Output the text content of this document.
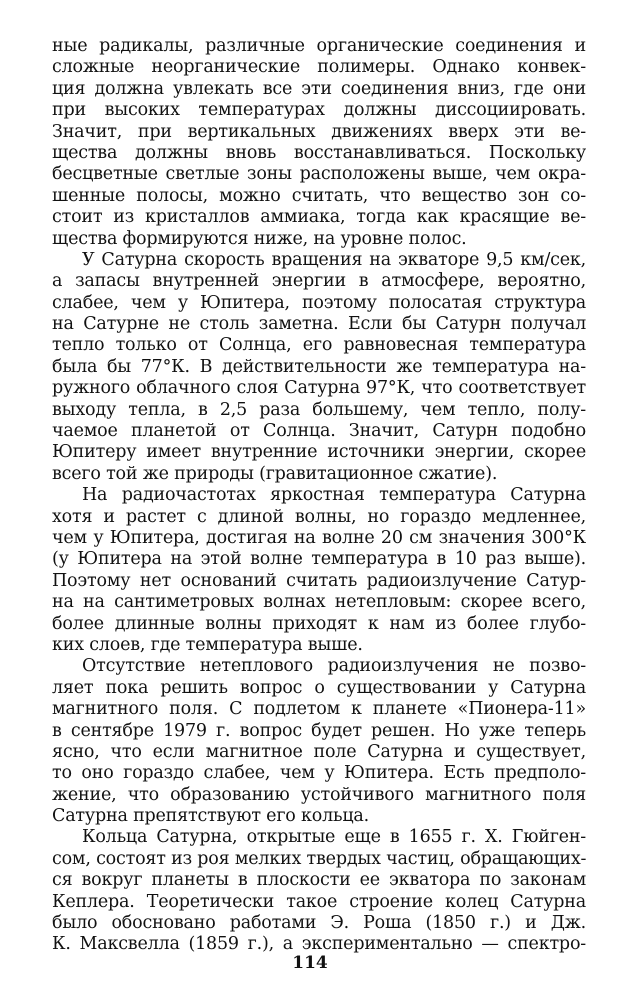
ные радикалы, различные органические соединения и
сложные неорганические полимеры. Однако конвек-
ция должна увлекать все эти соединения вниз, где они
при высоких температурах должны диссоциировать.
Значит, при вертикальных движениях вверх эти ве-
щества должны вновь восстанавливаться. Поскольку
бесцветные светлые зоны расположены выше, чем окра-
шенные полосы, можно считать, что вещество зон со-
стоит из кристаллов аммиака, тогда как красящие ве-
щества формируются ниже, на уровне полос.
У Сатурна скорость вращения на экваторе 9,5 км/сек,
а запасы внутренней энергии в атмосфере, вероятно,
слабее, чем у Юпитера, поэтому полосатая структура
на Сатурне не столь заметна. Если бы Сатурн получал
тепло только от Солнца, его равновесная температура
была бы 77°К. В действительности же температура на-
ружного облачного слоя Сатурна 97°К, что соответствует
выходу тепла, в 2,5 раза большему, чем тепло, полу-
чаемое планетой от Солнца. Значит, Сатурн подобно
Юпитеру имеет внутренние источники энергии, скорее
всего той же природы (гравитационное сжатие).
На радиочастотах яркостная температура Сатурна
хотя и растет с длиной волны, но гораздо медленнее,
чем у Юпитера, достигая на волне 20 см значения 300°К
(у Юпитера на этой волне температура в 10 раз выше).
Поэтому нет оснований считать радиоизлучение Сатур-
на на сантиметровых волнах нетепловым: скорее всего,
более длинные волны приходят к нам из более глубо-
ких слоев, где температура выше.
Отсутствие нетеплового радиоизлучения не позво-
ляет пока решить вопрос о существовании у Сатурна
магнитного поля. С подлетом к планете «Пионера-11»
в сентябре 1979 г. вопрос будет решен. Но уже теперь
ясно, что если магнитное поле Сатурна и существует,
то оно гораздо слабее, чем у Юпитера. Есть предполо-
жение, что образованию устойчивого магнитного поля
Сатурна препятствуют его кольца.
Кольца Сатурна, открытые еще в 1655 г. Х. Гюйген-
сом, состоят из роя мелких твердых частиц, обращающих-
ся вокруг планеты в плоскости ее экватора по законам
Кеплера. Теоретически такое строение колец Сатурна
было обосновано работами Э. Роша (1850 г.) и Дж.
К. Максвелла (1859 г.), а экспериментально — спектро-
114
